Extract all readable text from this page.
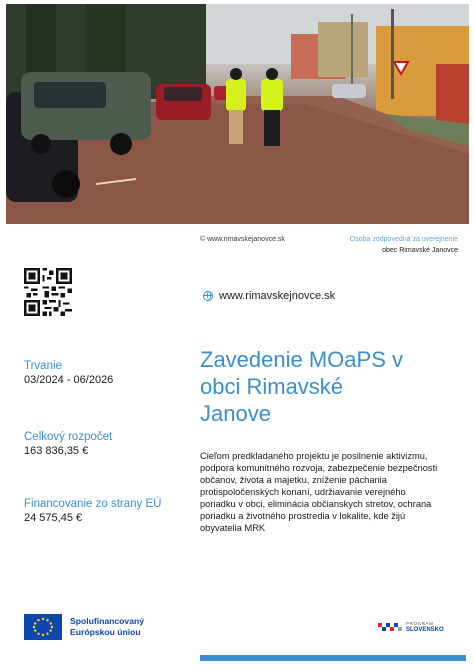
© www.rimavskejanovce.sk	Osoba zodpovedná za uverejnenie
obec Rimavské Janovce
www.rimavskejnovce.sk
Trvanie
03/2024 - 06/2026
Celkový rozpočet
163 836,35 €
Financovanie zo strany EÚ
24 575,45 €
Zavedenie MOaPS v
obci Rimavské
Janove
Cieľom predkladaného projektu je posilnenie aktivizmu, podpora komunitného rozvoja, zabezpečenie bezpečnosti občanov, života a majetku, zníženie páchania protispoločenských konaní, udržiavanie verejného poriadku v obci, eliminácia občianskych stretov, ochrana poriadku a životného prostredia v lokalite, kde žijú obyvatelia MRK
Spolufinancovaný
Európskou úniou
PROGRAM
SLOVENSKO
